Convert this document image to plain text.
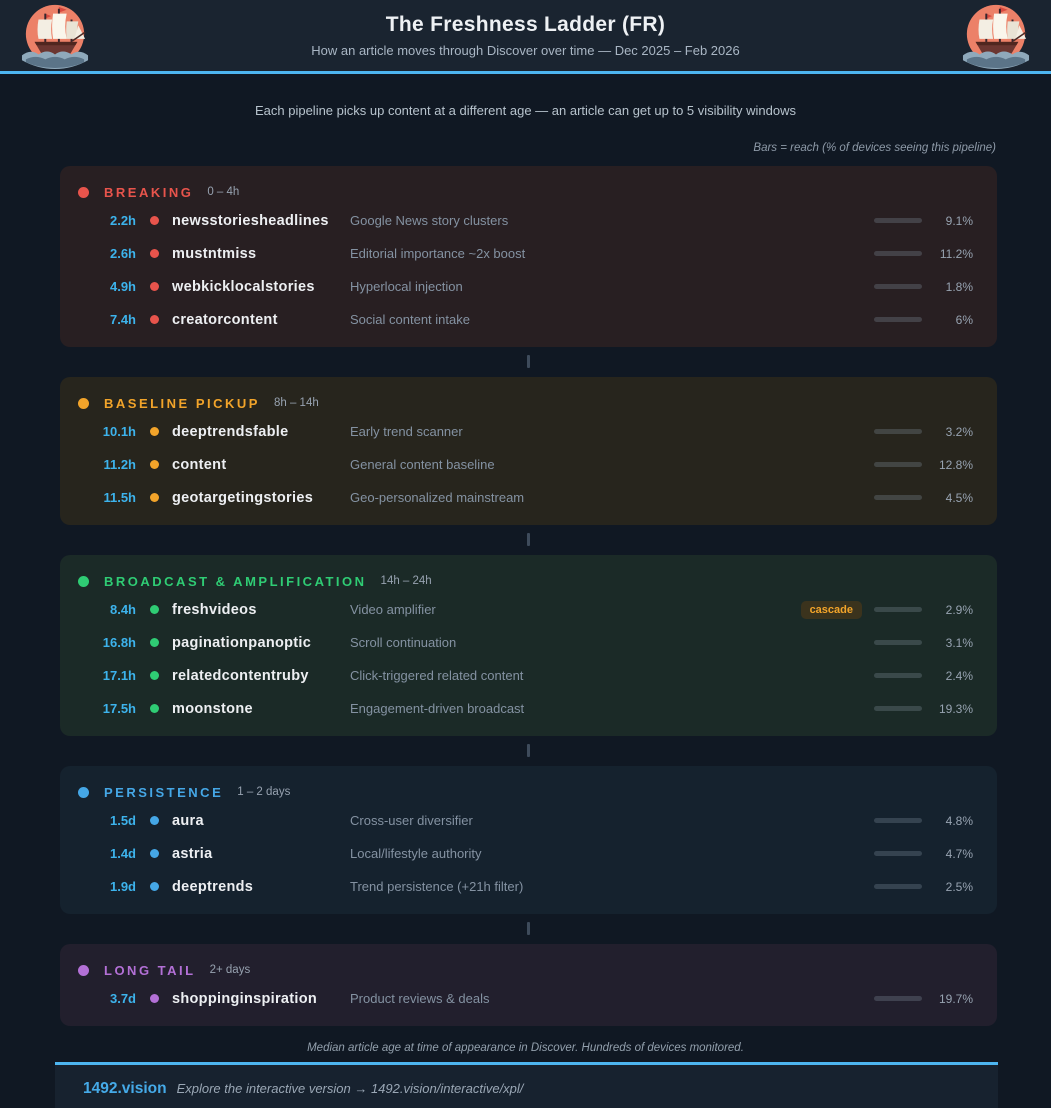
The Freshness Ladder (FR)
How an article moves through Discover over time — Dec 2025 – Feb 2026
Each pipeline picks up content at a different age — an article can get up to 5 visibility windows
Bars = reach (% of devices seeing this pipeline)
BREAKING 0 – 4h
2.2h newsstoriesheadlines	Google News story clusters	9.1%
2.6h mustntmiss	Editorial importance ~2x boost	11.2%
4.9h webkicklocalstories	Hyperlocal injection	1.8%
7.4h creatorcontent	Social content intake	6%
BASELINE PICKUP 8h – 14h
10.1h deeptrendsfable	Early trend scanner	3.2%
11.2h content	General content baseline	12.8%
11.5h geotargetingstories	Geo-personalized mainstream	4.5%
BROADCAST & AMPLIFICATION 14h – 24h
8.4h freshvideos	Video amplifier	cascade	2.9%
16.8h paginationpanoptic	Scroll continuation	3.1%
17.1h relatedcontentruby	Click-triggered related content	2.4%
17.5h moonstone	Engagement-driven broadcast	19.3%
PERSISTENCE 1 – 2 days
1.5d aura	Cross-user diversifier	4.8%
1.4d astria	Local/lifestyle authority	4.7%
1.9d deeptrends	Trend persistence (+21h filter)	2.5%
LONG TAIL 2+ days
3.7d shoppinginspiration	Product reviews & deals	19.7%
Median article age at time of appearance in Discover. Hundreds of devices monitored.
1492.vision Explore the interactive version → 1492.vision/interactive/xpl/
